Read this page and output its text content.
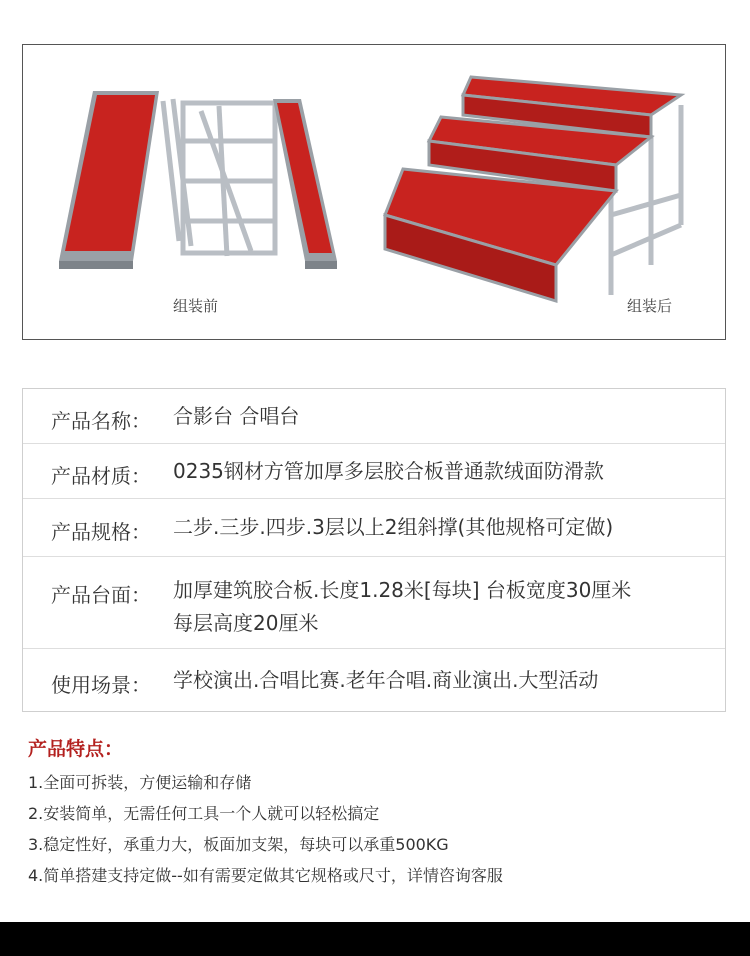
组装前	组装后
产品名称： 合影台 合唱台
产品材质： 0235钢材方管加厚多层胶合板普通款绒面防滑款
产品规格： 二步.三步.四步.3层以上2组斜撑(其他规格可定做)
产品台面： 加厚建筑胶合板.长度1.28米[每块] 台板宽度30厘米
每层高度20厘米
使用场景： 学校演出.合唱比赛.老年合唱.商业演出.大型活动
产品特点：
1.全面可拆装，方便运输和存储
2.安装简单，无需任何工具一个人就可以轻松搞定
3.稳定性好，承重力大，板面加支架，每块可以承重500KG
4.简单搭建支持定做--如有需要定做其它规格或尺寸，详情咨询客服
